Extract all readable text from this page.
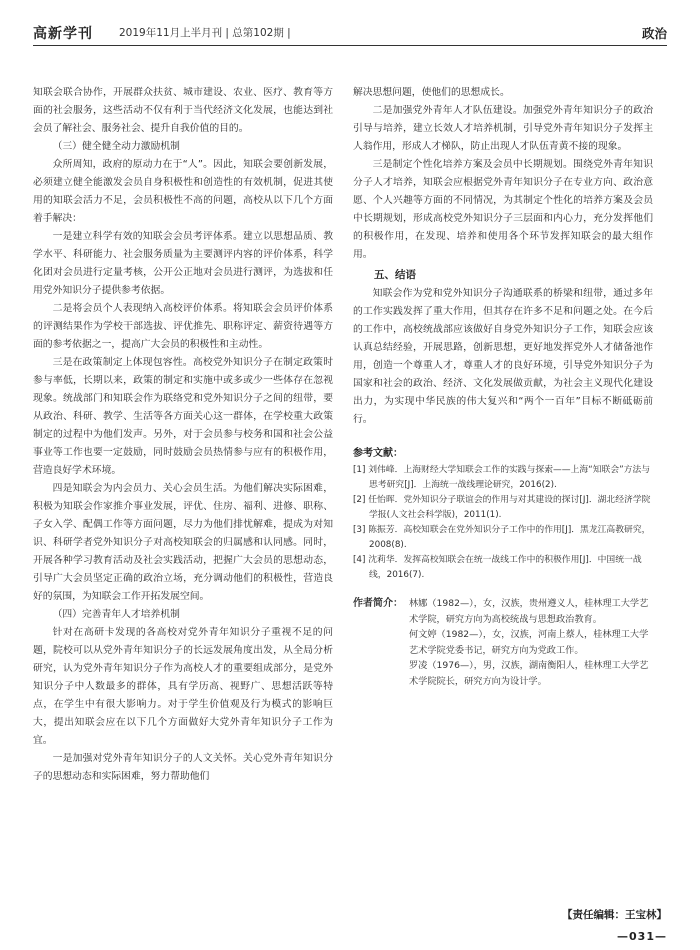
高新学刊 2019年11月上半月刊 | 总第102期 |	政治

知联会联合协作，开展群众扶贫、城市建设、农业、医疗、教育等方面的社会服务，这些活动不仅有利于当代经济文化发展，也能达到社会员了解社会、服务社会、提升自我价值的目的。

（三）健全健全动力激励机制

众所周知，政府的原动力在于“人”。因此，知联会要创新发展，必须建立健全能激发会员自身积极性和创造性的有效机制，促进其使用的知联会活力不足，会员积极性不高的问题，高校从以下几个方面着手解决：

一是建立科学有效的知联会会员考评体系。建立以思想品质、教学水平、科研能力、社会服务质量为主要测评内容的评价体系，科学化团对会员进行定量考核，公开公正地对会员进行测评，为选拔和任用党外知识分子提供参考依据。

二是将会员个人表现纳入高校评价体系。将知联会会员评价体系的评测结果作为学校干部选拔、评优推先、职称评定、薪资待遇等方面的参考依据之一，提高广大会员的积极性和主动性。

三是在政策制定上体现包容性。高校党外知识分子在制定政策时参与率低，长期以来，政策的制定和实施中或多或少一些体存在忽视现象。统战部门和知联会作为联络党和党外知识分子之间的纽带，要从政治、科研、教学、生活等各方面关心这一群体，在学校重大政策制定的过程中为他们发声。另外，对于会员参与校务和国和社会公益事业等工作也要一定鼓励，同时鼓励会员热情参与应有的积极作用，营造良好学术环境。

四是知联会为内会员力、关心会员生活。为他们解决实际困难，积极为知联会作家推介事业发展，评优、住房、福利、进修、职称、子女入学、配偶工作等方面问题，尽力为他们排忧解难，提成为对知识、科研学者党外知识分子对高校知联会的归属感和认同感。同时，开展各种学习教育活动及社会实践活动，把握广大会员的思想动态，引导广大会员坚定正确的政治立场，充分调动他们的积极性，营造良好的氛围，为知联会工作开拓发展空间。

（四）完善青年人才培养机制

针对在高研卡发现的各高校对党外青年知识分子重视不足的问题，院校可以从党外青年知识分子的长远发展角度出发，从全局分析研究，认为党外青年知识分子作为高校人才的重要组成部分，是党外知识分子中人数最多的群体，具有学历高、视野广、思想活跃等特点，在学生中有很大影响力。对于学生价值观及行为模式的影响巨大，提出知联会应在以下几个方面做好大党外青年知识分子工作为宜。

一是加强对党外青年知识分子的人文关怀。关心党外青年知识分子的思想动态和实际困难，努力帮助他们

解决思想问题，使他们的思想成长。

二是加强党外青年人才队伍建设。加强党外青年知识分子的政治引导与培养，建立长效人才培养机制，引导党外青年知识分子发挥主人翁作用，形成人才梯队，防止出现人才队伍青黄不接的现象。

三是制定个性化培养方案及会员中长期规划。围绕党外青年知识分子人才培养，知联会应根据党外青年知识分子在专业方向、政治意愿、个人兴趣等方面的不同情况，为其制定个性化的培养方案及会员中长期规划，形成高校党外知识分子三层面和内心力，充分发挥他们的积极作用，在发现、培养和使用各个环节发挥知联会的最大组作用。

五、结语

知联会作为党和党外知识分子沟通联系的桥梁和纽带，通过多年的工作实践发挥了重大作用，但其存在许多不足和问题之处。在今后的工作中，高校统战部应该做好自身党外知识分子工作，知联会应该认真总结经验，开展思路，创新思想，更好地发挥党外人才储备池作用，创造一个尊重人才，尊重人才的良好环境，引导党外知识分子为国家和社会的政治、经济、文化发展做贡献，为社会主义现代化建设出力，为实现中华民族的伟大复兴和“两个一百年”目标不断砥砺前行。

参考文献：

[1] 刘伟峰．上海财经大学知联会工作的实践与探索——上海“知联会”方法与思考研究[J]．上海统一战线理论研究，2016(2).
[2] 任怡晖．党外知识分子联谊会的作用与对其建设的探讨[J]．湖北经济学院学报(人文社会科学版)，2011(1).
[3] 陈振芳．高校知联会在党外知识分子工作中的作用[J]．黑龙江高教研究，2008(8).
[4] 沈莉华．发挥高校知联会在统一战线工作中的积极作用[J]．中国统一战线，2016(7).
作者简介： 林娜（1982—），女，汉族，贵州遵义人，桂林理工大学艺术学院，研究方向为高校统战与思想政治教育。

何文婷（1982—），女，汉族，河南上蔡人，桂林理工大学艺术学院党委书记，研究方向为党政工作。

罗凌（1976—），男，汉族，湖南衡阳人，桂林理工大学艺术学院院长，研究方向为设计学。

【责任编辑：王宝林】
—031—
